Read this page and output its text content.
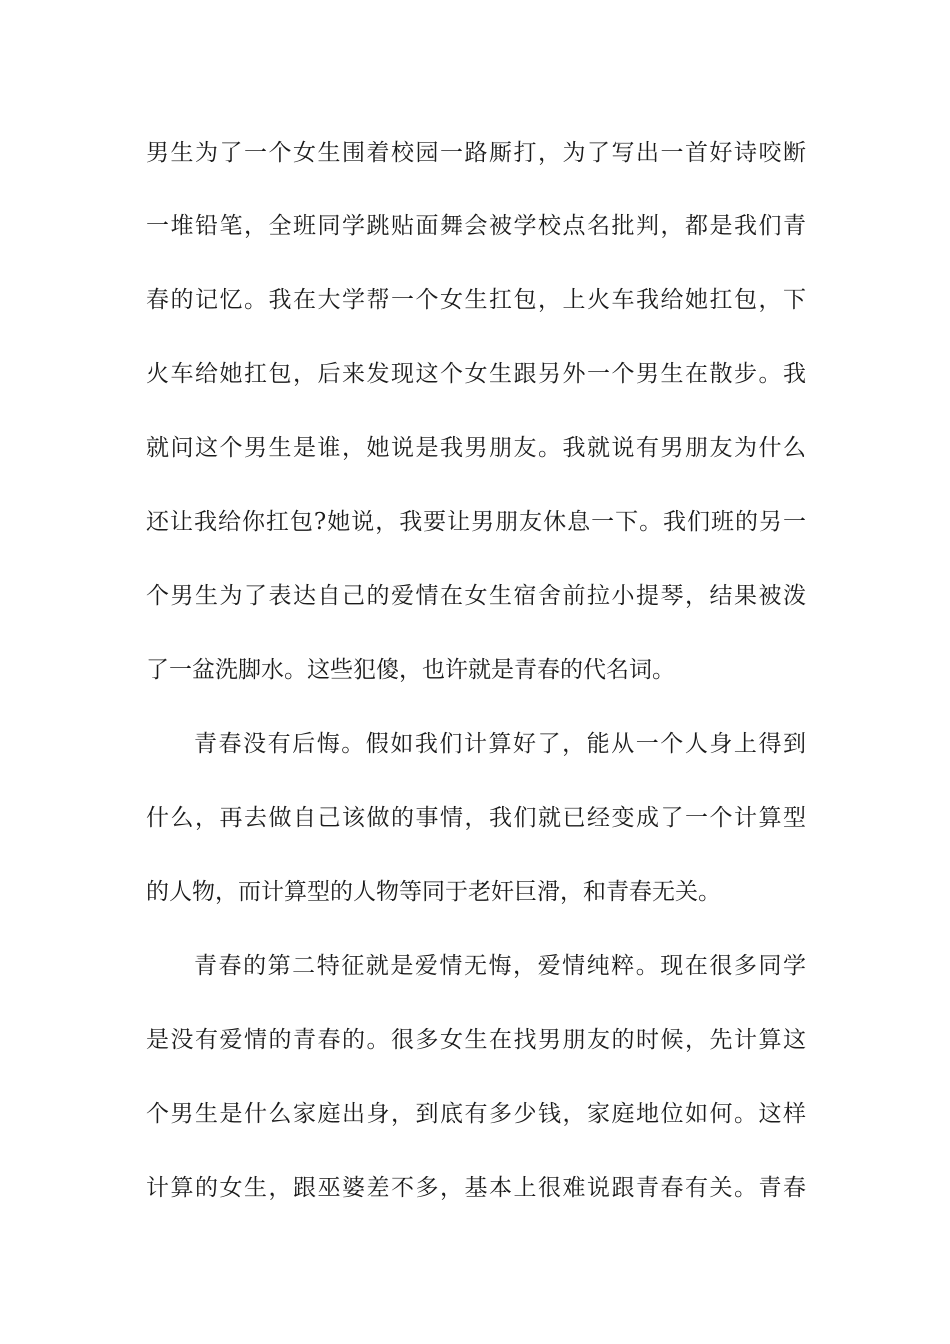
男生为了一个女生围着校园一路厮打，为了写出一首好诗咬断
一堆铅笔，全班同学跳贴面舞会被学校点名批判，都是我们青
春的记忆。我在大学帮一个女生扛包，上火车我给她扛包，下
火车给她扛包，后来发现这个女生跟另外一个男生在散步。我
就问这个男生是谁，她说是我男朋友。我就说有男朋友为什么
还让我给你扛包?她说，我要让男朋友休息一下。我们班的另一
个男生为了表达自己的爱情在女生宿舍前拉小提琴，结果被泼
了一盆洗脚水。这些犯傻，也许就是青春的代名词。
青春没有后悔。假如我们计算好了，能从一个人身上得到
什么，再去做自己该做的事情，我们就已经变成了一个计算型
的人物，而计算型的人物等同于老奸巨滑，和青春无关。
青春的第二特征就是爱情无悔，爱情纯粹。现在很多同学
是没有爱情的青春的。很多女生在找男朋友的时候，先计算这
个男生是什么家庭出身，到底有多少钱，家庭地位如何。这样
计算的女生，跟巫婆差不多，基本上很难说跟青春有关。青春
